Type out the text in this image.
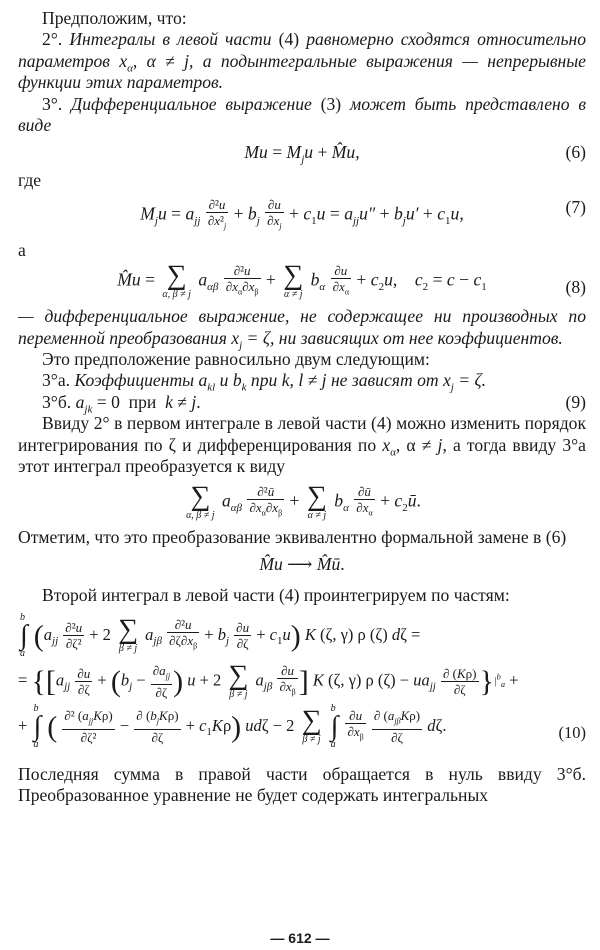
Предположим, что:

2°. Интегралы в левой части (4) равномерно сходятся относительно параметров $x_\alpha$, α ≠ j, а подынтегральные выражения — непрерывные функции этих параметров.

3°. Дифференциальное выражение (3) может быть представлено в виде

$Mu = M_ju$ + M̂u,	(6)

где

$M_ju = a_{jj} \frac{\text{∂²u}}{\partial x^2_j} + b_j \frac{\partial u}{\partial x_j} + c_1u = a_{jj}u'' + b_ju' + c_1u$,	(7)

а

M̂u = ∑
α, β ≠ j
$a_{\alpha\beta} \frac{\text{∂²u}}{\partial x_\alpha\partial x_\beta}$ + ∑
α ≠ j
$b_\alpha \frac{\partial u}{\partial x_\alpha} + c_2u$,    $c_2 = c - c_1$	(8)

— дифференциальное выражение, не содержащее ни производных по переменной преобразования $x_j = \zeta$, ни зависящих от нее коэффициентов.

Это предположение равносильно двум следующим:

3°а. Коэффициенты $a_{kl}$ и $b_k$ при k, l ≠ j не зависят от $x_j = \zeta$.

3°б. $a_{jk} = 0$  при  k ≠ j.	(9)

Ввиду 2° в первом интеграле в левой части (4) можно изменить порядок интегрирования по ζ и дифференцирования по $x_\alpha$, α ≠ j, а тогда ввиду 3°а этот интеграл преобразуется к виду

∑
α, β ≠ j
$a_{\alpha\beta} \frac{\text{∂²ū}}{\partial x_\alpha\partial x_\beta}$ + ∑
α ≠ j
$b_\alpha \frac{\partial ū}{\partial x_\alpha}$ + $c_2ū$.

Отметим, что это преобразование эквивалентно формальной замене в (6)

M̂u ⟶ M̂ū.

Второй интеграл в левой части (4) проинтегрируем по частям:

b
∫
a
($a_{jj} \frac{\text{∂²u}}{\text{∂ζ²}} + 2$ ∑
β ≠ j
$a_{j\beta} \frac{\text{∂²u}}{\partial\zeta\partial x_\beta} + b_j \frac{\partial u}{\partial\zeta} + c_1u$) K (ζ, γ) ρ (ζ) dζ =
= {[$a_{jj} \frac{\partial u}{\partial\zeta} + (b_j - \frac{\partial a_{jj}}{\partial\zeta}$ ) u + 2 ∑
β ≠ j
$a_{j\beta} \frac{\partial u}{\partial x_\beta}$ ] K (ζ, γ) ρ $(\zeta) - ua_{jj} \frac{\partial (K\rho)}{\partial\zeta} \}|^b_a$ +
+
b
∫
a
( $\frac{\partial^2 (a_{jj}K\rho)}{\text{∂ζ²}} - \frac{\partial (b_jK\rho)}{\partial\zeta} + c_1K\rho$) udζ − 2 ∑
β ≠ j

b
∫
a
$\frac{\partial u}{\partial x_\beta}$
$\frac{\partial (a_{j\beta}K\rho)}{\partial\zeta} d\zeta$.	(10)

Последняя сумма в правой части обращается в нуль ввиду 3°б. Преобразованное уравнение не будет содержать интегральных

— 612 —
